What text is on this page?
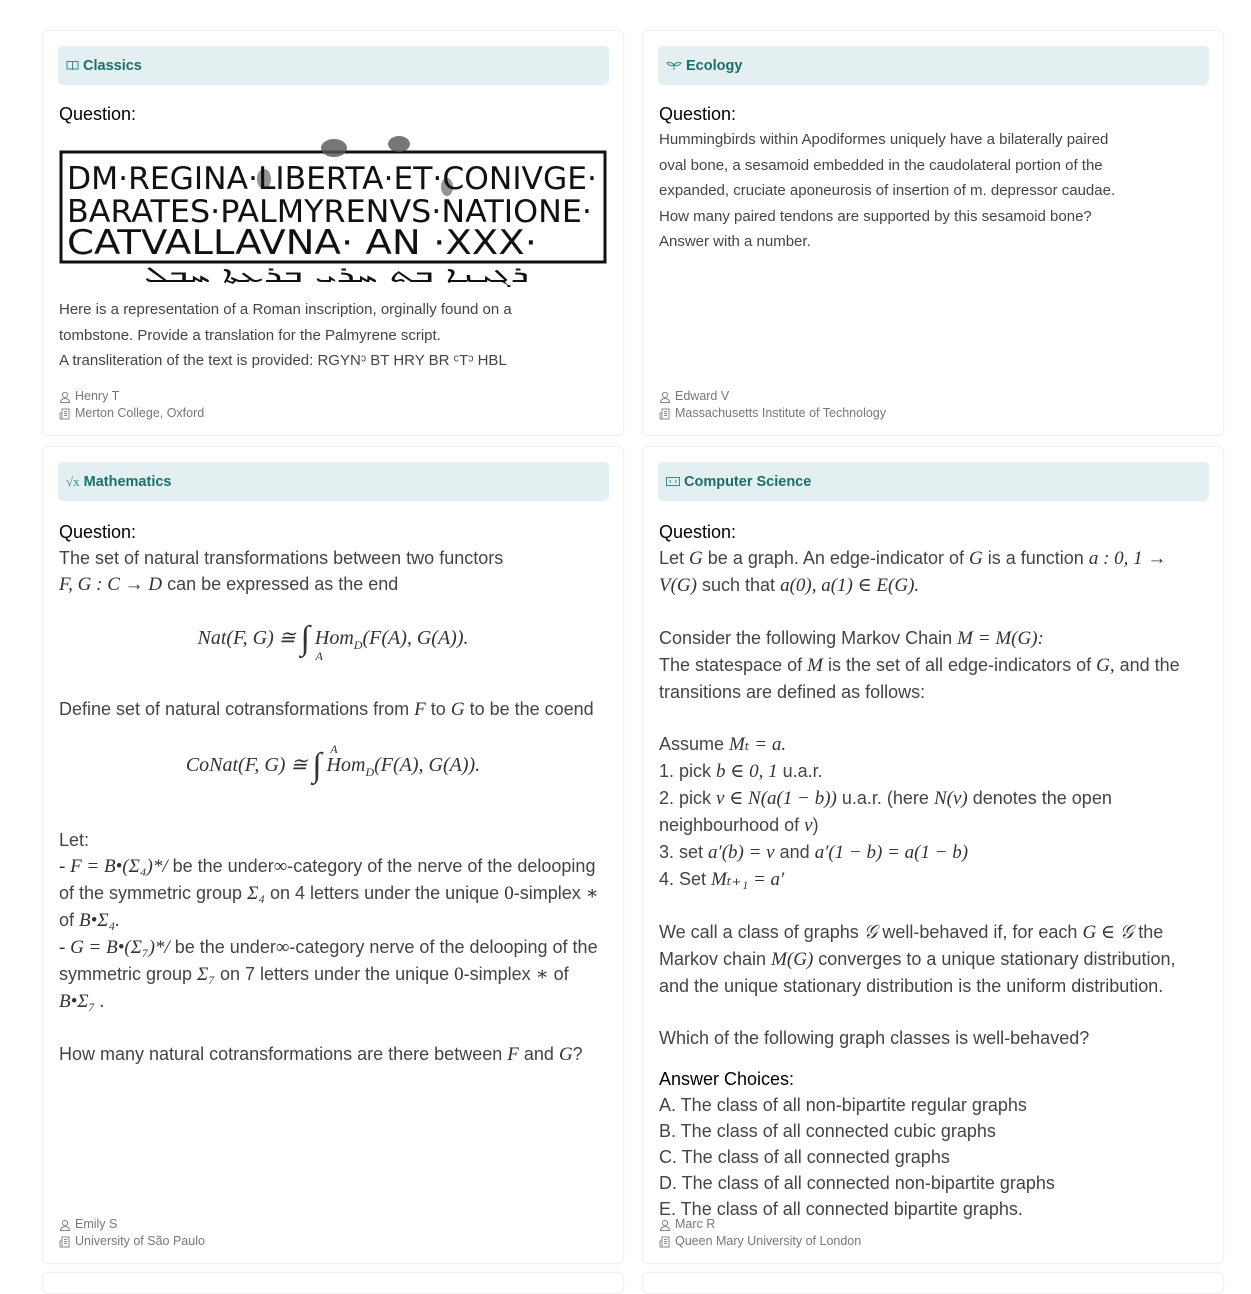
Classics
Question:
DM·REGINA·LIBERTA·ET·CONIVGE·
BARATES·PALMYRENVS·NATIONE·
CATVALLAVNA· AN ·XXX·
ܪܓܝܢܐ ܒܬ ܚܪܝ ܒܪܥܬܐ ܚܒܠ
Here is a representation of a Roman inscription, orginally found on a tombstone. Provide a translation for the Palmyrene script.
A transliteration of the text is provided: RGYNᵓ BT HRY BR ᶜTᵓ HBL
Henry T
Merton College, Oxford
Ecology
Question:
Hummingbirds within Apodiformes uniquely have a bilaterally paired oval bone, a sesamoid embedded in the caudolateral portion of the expanded, cruciate aponeurosis of insertion of m. depressor caudae. How many paired tendons are supported by this sesamoid bone? Answer with a number.
Edward V
Massachusetts Institute of Technology
√x Mathematics
Question:
The set of natural transformations between two functors
F, G : C → D can be expressed as the end
Nat(F, G) ≅ ∫ A
Hom$_D$(F(A), G(A)).
Define set of natural cotransformations from F to G to be the coend
CoNat(F, G) ≅ ∫ A
Hom$_D$(F(A), G(A)).
Let:
- F = B•(Σ₄)*/ be the under∞-category of the nerve of the delooping of the symmetric group Σ₄ on 4 letters under the unique 0-simplex ∗ of B•Σ₄.
- G = B•(Σ₇)*/ be the under∞-category nerve of the delooping of the symmetric group Σ₇ on 7 letters under the unique 0-simplex ∗ of B•Σ₇ .
How many natural cotransformations are there between F and G?
Emily S
University of São Paulo
Computer Science
Question:
Let G be a graph. An edge-indicator of G is a function a : 0, 1 →
V(G) such that a(0), a(1) ∈ E(G).
Consider the following Markov Chain M = M(G):
The statespace of M is the set of all edge-indicators of G, and the transitions are defined as follows:
Assume Mₜ = a.
1. pick b ∈ 0, 1 u.a.r.
2. pick v ∈ N(a(1 − b)) u.a.r. (here N(v) denotes the open neighbourhood of v)
3. set a′(b) = v and a′(1 − b) = a(1 − b)
4. Set Mₜ₊₁ = a′
We call a class of graphs 𝒢 well-behaved if, for each G ∈ 𝒢 the Markov chain M(G) converges to a unique stationary distribution, and the unique stationary distribution is the uniform distribution.
Which of the following graph classes is well-behaved?
Answer Choices:
A. The class of all non-bipartite regular graphs
B. The class of all connected cubic graphs
C. The class of all connected graphs
D. The class of all connected non-bipartite graphs
E. The class of all connected bipartite graphs.
Marc R
Queen Mary University of London
